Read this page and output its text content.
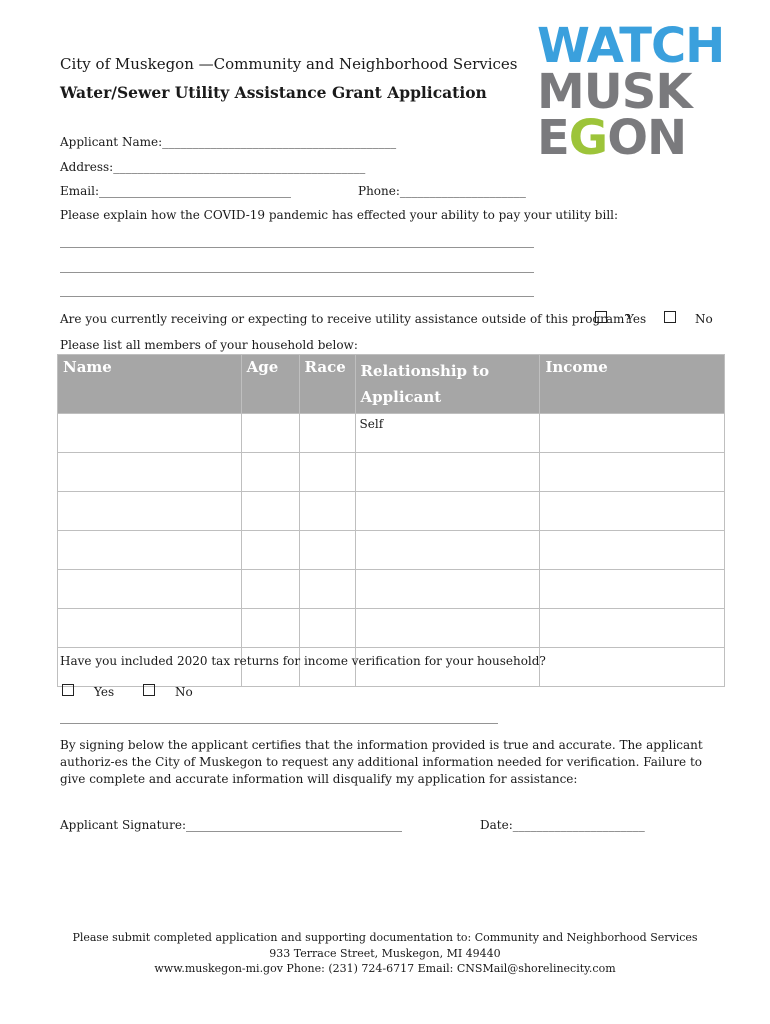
City of Muskegon —Community and Neighborhood Services
Water/Sewer Utility Assistance Grant Application
WATCH
MUSK
EGON
Applicant Name:_______________________________________
Address:__________________________________________
Email:________________________________	Phone:_____________________
Please explain how the COVID-19 pandemic has effected your ability to pay your utility bill:
_______________________________________________________________________________
_______________________________________________________________________________
_______________________________________________________________________________
Are you currently receiving or expecting to receive utility assistance outside of this program?
Yes	No
Please list all members of your household below:
Name	Age	Race	Relationship to Applicant	Income
			Self	

Have you included 2020 tax returns for income verification for your household?
Yes	No
_________________________________________________________________________
By signing below the applicant certifies that the information provided is true and accurate. The applicant authoriz-es the City of Muskegon to request any additional information needed for verification. Failure to give complete and accurate information will disqualify my application for assistance:
Applicant Signature:____________________________________	Date:______________________
Please submit completed application and supporting documentation to: Community and Neighborhood Services
933 Terrace Street, Muskegon, MI 49440
www.muskegon-mi.gov Phone: (231) 724-6717 Email: CNSMail@shorelinecity.com
